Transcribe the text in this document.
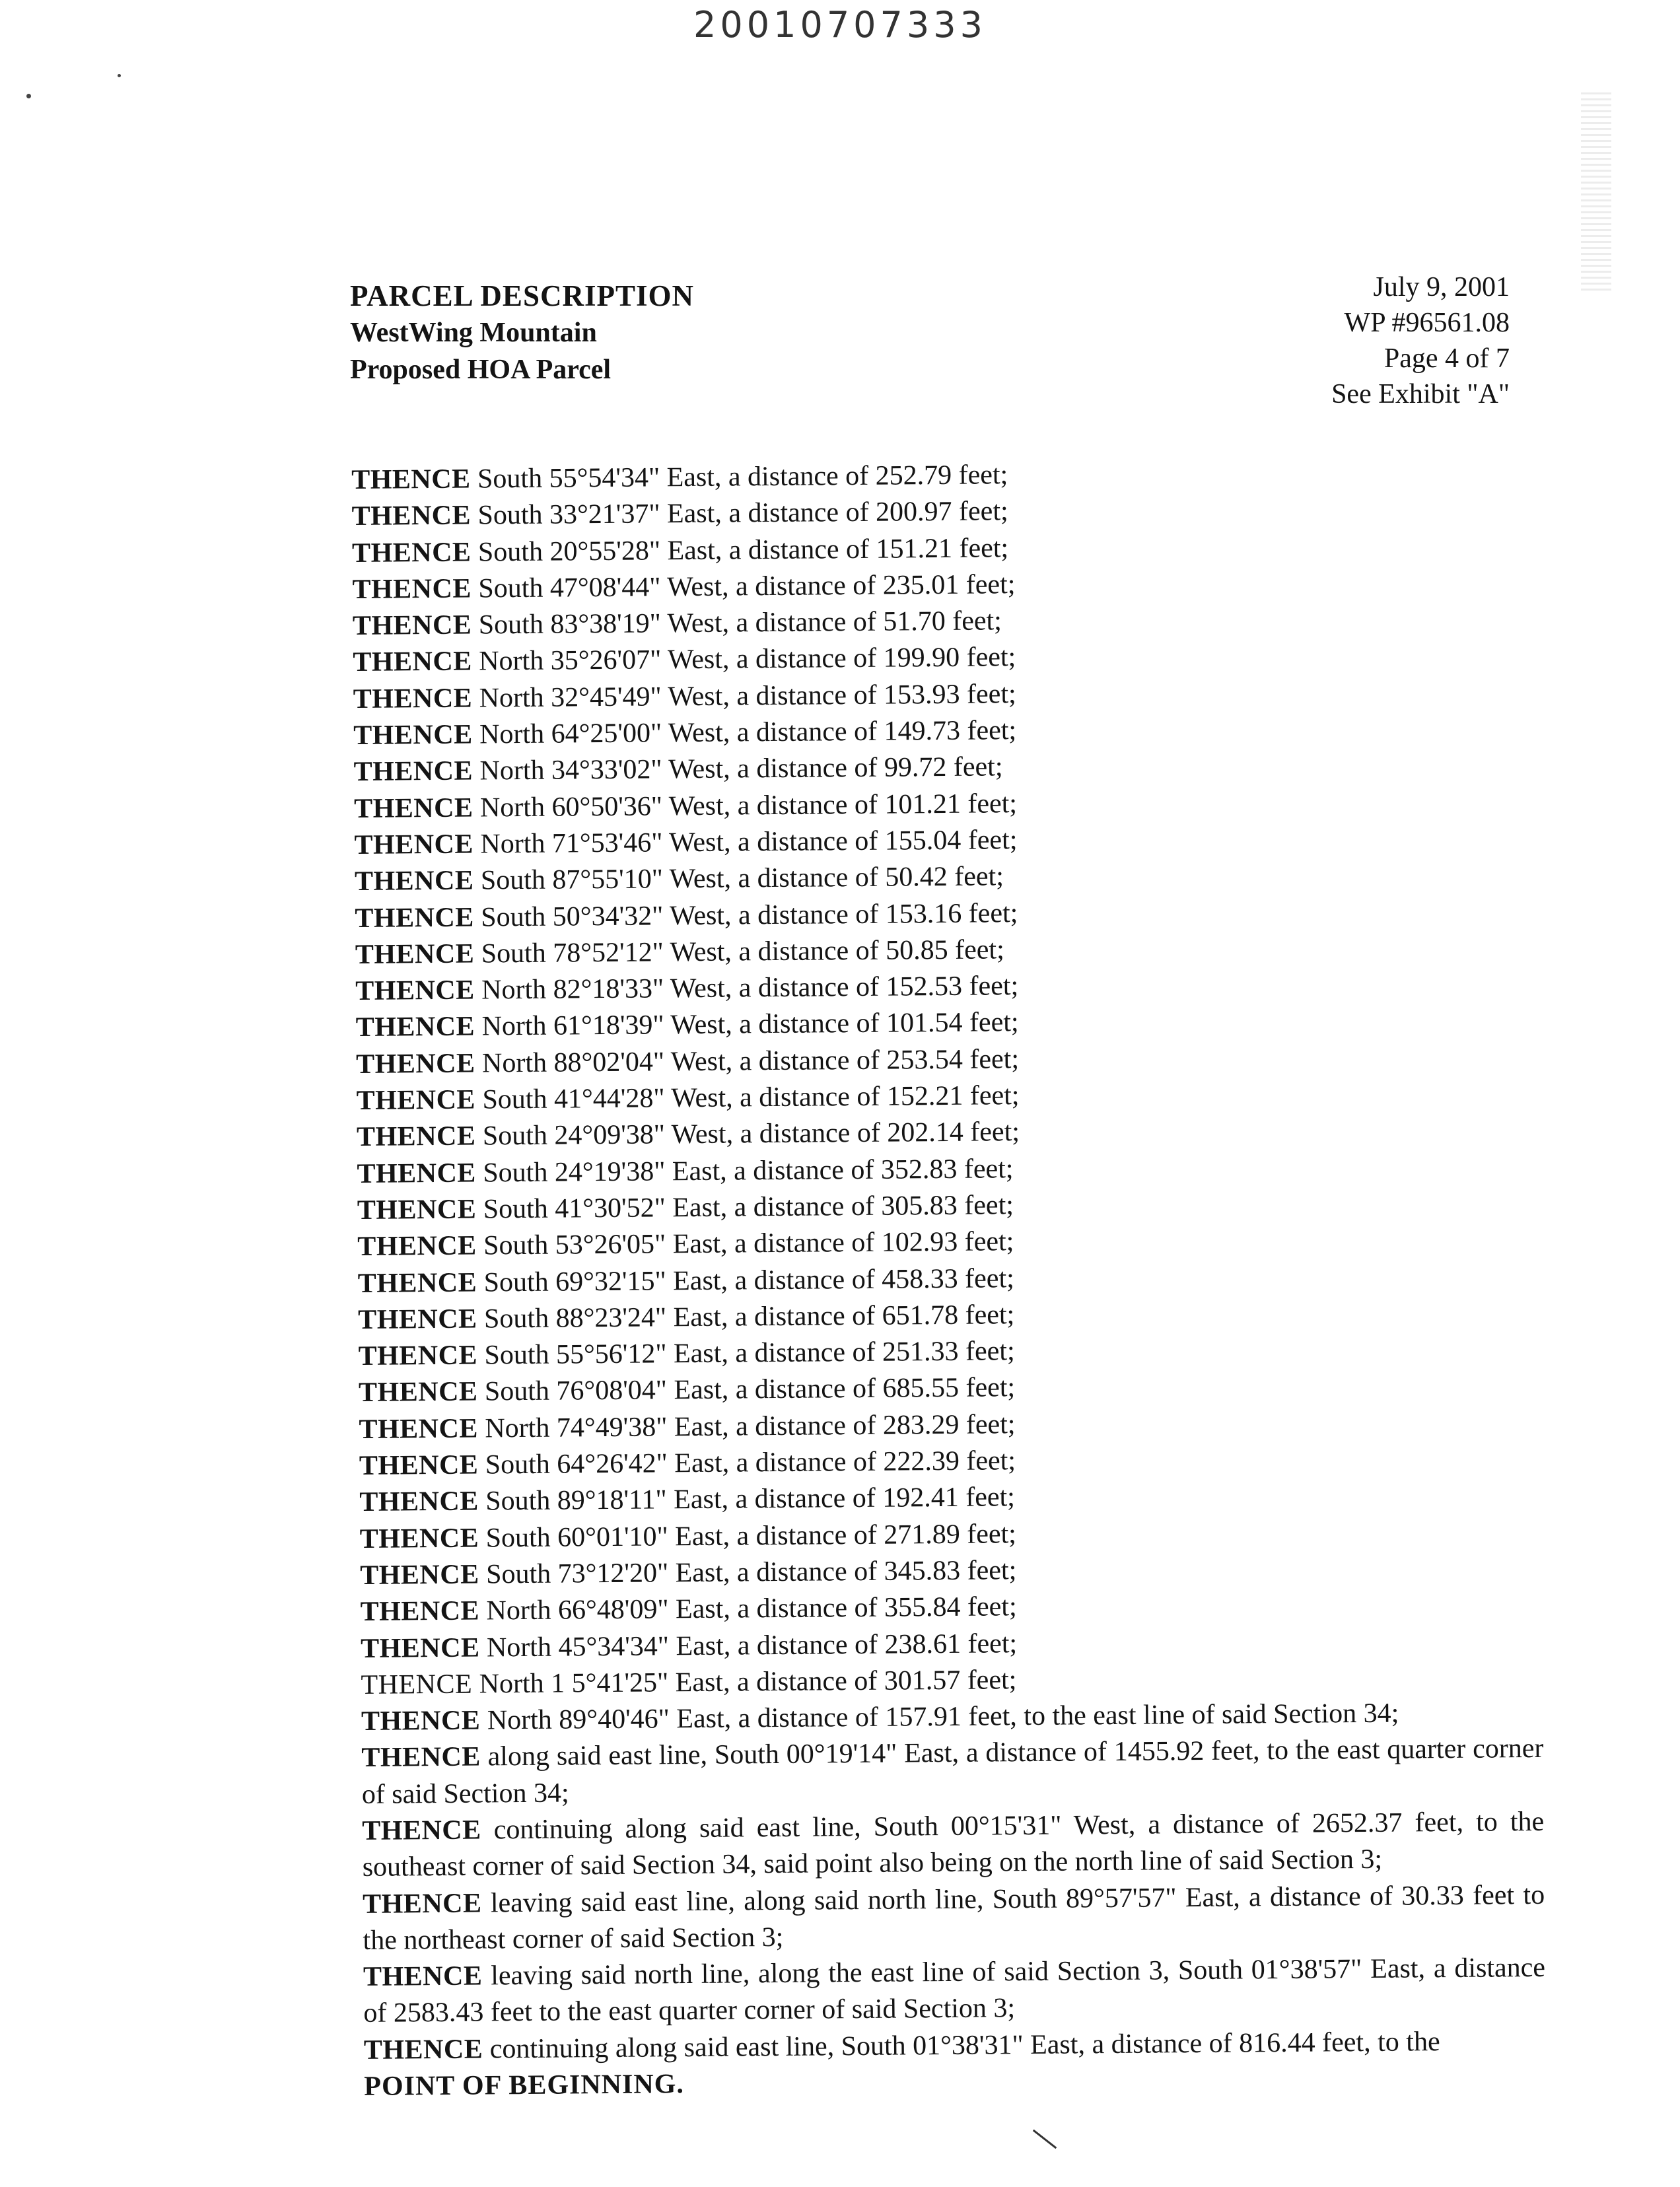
20010707333
PARCEL DESCRIPTION
WestWing Mountain
Proposed HOA Parcel
July 9, 2001
WP #96561.08
Page 4 of 7
See Exhibit "A"
THENCE South 55°54'34" East, a distance of 252.79 feet;
THENCE South 33°21'37" East, a distance of 200.97 feet;
THENCE South 20°55'28" East, a distance of 151.21 feet;
THENCE South 47°08'44" West, a distance of 235.01 feet;
THENCE South 83°38'19" West, a distance of 51.70 feet;
THENCE North 35°26'07" West, a distance of 199.90 feet;
THENCE North 32°45'49" West, a distance of 153.93 feet;
THENCE North 64°25'00" West, a distance of 149.73 feet;
THENCE North 34°33'02" West, a distance of 99.72 feet;
THENCE North 60°50'36" West, a distance of 101.21 feet;
THENCE North 71°53'46" West, a distance of 155.04 feet;
THENCE South 87°55'10" West, a distance of 50.42 feet;
THENCE South 50°34'32" West, a distance of 153.16 feet;
THENCE South 78°52'12" West, a distance of 50.85 feet;
THENCE North 82°18'33" West, a distance of 152.53 feet;
THENCE North 61°18'39" West, a distance of 101.54 feet;
THENCE North 88°02'04" West, a distance of 253.54 feet;
THENCE South 41°44'28" West, a distance of 152.21 feet;
THENCE South 24°09'38" West, a distance of 202.14 feet;
THENCE South 24°19'38" East, a distance of 352.83 feet;
THENCE South 41°30'52" East, a distance of 305.83 feet;
THENCE South 53°26'05" East, a distance of 102.93 feet;
THENCE South 69°32'15" East, a distance of 458.33 feet;
THENCE South 88°23'24" East, a distance of 651.78 feet;
THENCE South 55°56'12" East, a distance of 251.33 feet;
THENCE South 76°08'04" East, a distance of 685.55 feet;
THENCE North 74°49'38" East, a distance of 283.29 feet;
THENCE South 64°26'42" East, a distance of 222.39 feet;
THENCE South 89°18'11" East, a distance of 192.41 feet;
THENCE South 60°01'10" East, a distance of 271.89 feet;
THENCE South 73°12'20" East, a distance of 345.83 feet;
THENCE North 66°48'09" East, a distance of 355.84 feet;
THENCE North 45°34'34" East, a distance of 238.61 feet;
THENCE North 1 5°41'25" East, a distance of 301.57 feet;
THENCE North 89°40'46" East, a distance of 157.91 feet, to the east line of said Section 34;
THENCE along said east line, South 00°19'14" East, a distance of 1455.92 feet, to the east quarter corner of said Section 34;
THENCE continuing along said east line, South 00°15'31" West, a distance of 2652.37 feet, to the southeast corner of said Section 34, said point also being on the north line of said Section 3;
THENCE leaving said east line, along said north line, South 89°57'57" East, a distance of 30.33 feet to the northeast corner of said Section 3;
THENCE leaving said north line, along the east line of said Section 3, South 01°38'57" East, a distance of 2583.43 feet to the east quarter corner of said Section 3;
THENCE continuing along said east line, South 01°38'31" East, a distance of 816.44 feet, to the
POINT OF BEGINNING.
